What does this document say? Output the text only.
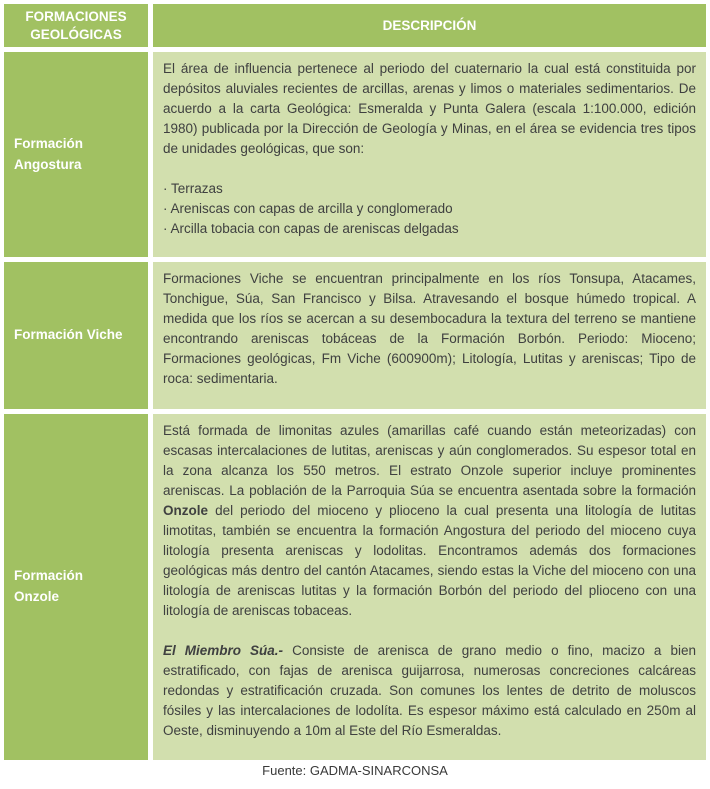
FORMACIONES GEOLÓGICAS
DESCRIPCIÓN
Formación
Angostura

El área de influencia pertenece al periodo del cuaternario la cual está constituida por depósitos aluviales recientes de arcillas, arenas y limos o materiales sedimentarios. De acuerdo a la carta Geológica: Esmeralda y Punta Galera (escala 1:100.000, edición 1980) publicada por la Dirección de Geología y Minas, en el área se evidencia tres tipos de unidades geológicas, que son:

· Terrazas

· Areniscas con capas de arcilla y conglomerado

· Arcilla tobacia con capas de areniscas delgadas

Formación Viche

Formaciones Viche se encuentran principalmente en los ríos Tonsupa, Atacames, Tonchigue, Súa, San Francisco y Bilsa. Atravesando el bosque húmedo tropical. A medida que los ríos se acercan a su desembocadura la textura del terreno se mantiene encontrando areniscas tobáceas de la Formación Borbón. Periodo: Mioceno; Formaciones geológicas, Fm Viche (600900m); Litología, Lutitas y areniscas; Tipo de roca: sedimentaria.

Formación
Onzole

Está formada de limonitas azules (amarillas café cuando están meteorizadas) con escasas intercalaciones de lutitas, areniscas y aún conglomerados. Su espesor total en la zona alcanza los 550 metros. El estrato Onzole superior incluye prominentes areniscas. La población de la Parroquia Súa se encuentra asentada sobre la formación Onzole del periodo del mioceno y plioceno la cual presenta una litología de lutitas limotitas, también se encuentra la formación Angostura del periodo del mioceno cuya litología presenta areniscas y lodolitas. Encontramos además dos formaciones geológicas más dentro del cantón Atacames, siendo estas la Viche del mioceno con una litología de areniscas lutitas y la formación Borbón del periodo del plioceno con una litología de areniscas tobaceas.

El Miembro Súa.- Consiste de arenisca de grano medio o fino, macizo a bien estratificado, con fajas de arenisca guijarrosa, numerosas concreciones calcáreas redondas y estratificación cruzada. Son comunes los lentes de detrito de moluscos fósiles y las intercalaciones de lodolíta. Es espesor máximo está calculado en 250m al Oeste, disminuyendo a 10m al Este del Río Esmeraldas.

Fuente: GADMA-SINARCONSA
